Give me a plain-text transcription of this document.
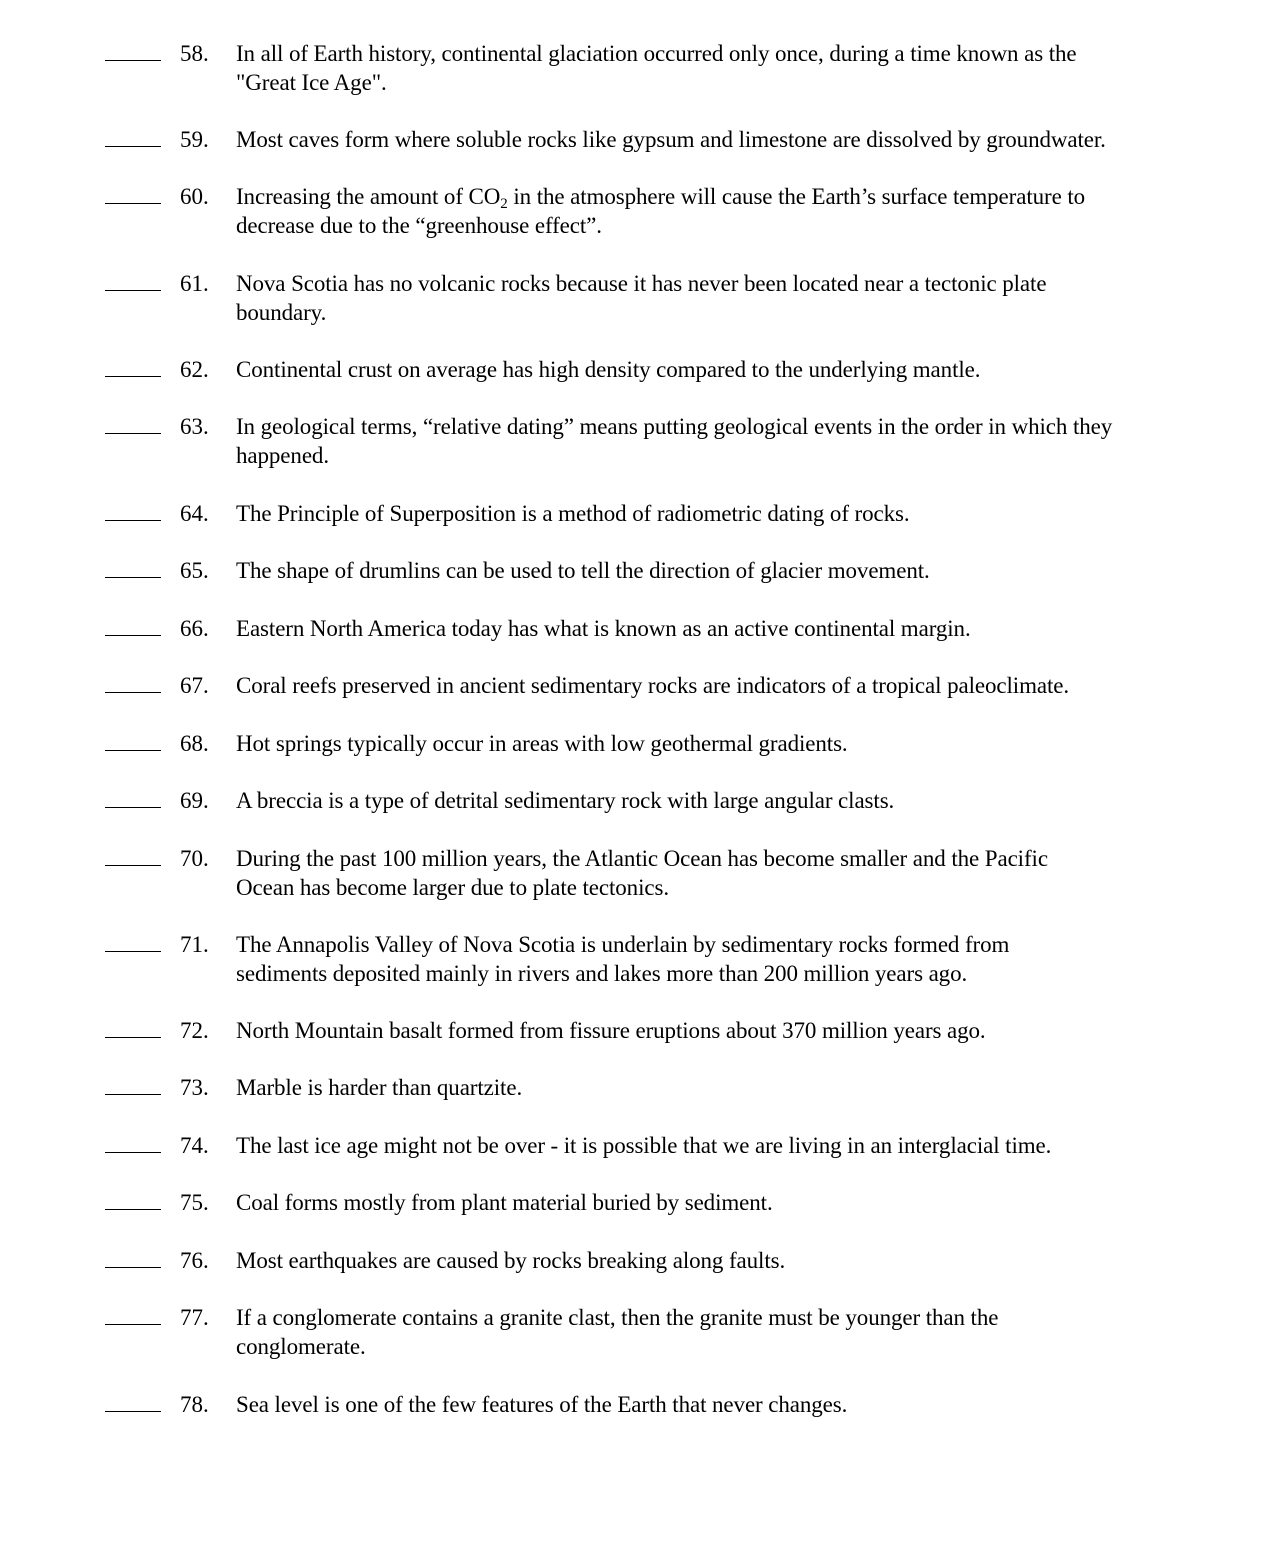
58. In all of Earth history, continental glaciation occurred only once, during a time known as the
"Great Ice Age".
59. Most caves form where soluble rocks like gypsum and limestone are dissolved by groundwater.
60. Increasing the amount of $CO_2$ in the atmosphere will cause the Earth’s surface temperature to
decrease due to the “greenhouse effect”.
61. Nova Scotia has no volcanic rocks because it has never been located near a tectonic plate
boundary.
62. Continental crust on average has high density compared to the underlying mantle.
63. In geological terms, “relative dating” means putting geological events in the order in which they
happened.
64. The Principle of Superposition is a method of radiometric dating of rocks.
65. The shape of drumlins can be used to tell the direction of glacier movement.
66. Eastern North America today has what is known as an active continental margin.
67. Coral reefs preserved in ancient sedimentary rocks are indicators of a tropical paleoclimate.
68. Hot springs typically occur in areas with low geothermal gradients.
69. A breccia is a type of detrital sedimentary rock with large angular clasts.
70. During the past 100 million years, the Atlantic Ocean has become smaller and the Pacific
Ocean has become larger due to plate tectonics.
71. The Annapolis Valley of Nova Scotia is underlain by sedimentary rocks formed from
sediments deposited mainly in rivers and lakes more than 200 million years ago.
72. North Mountain basalt formed from fissure eruptions about 370 million years ago.
73. Marble is harder than quartzite.
74. The last ice age might not be over - it is possible that we are living in an interglacial time.
75. Coal forms mostly from plant material buried by sediment.
76. Most earthquakes are caused by rocks breaking along faults.
77. If a conglomerate contains a granite clast, then the granite must be younger than the
conglomerate.
78. Sea level is one of the few features of the Earth that never changes.
